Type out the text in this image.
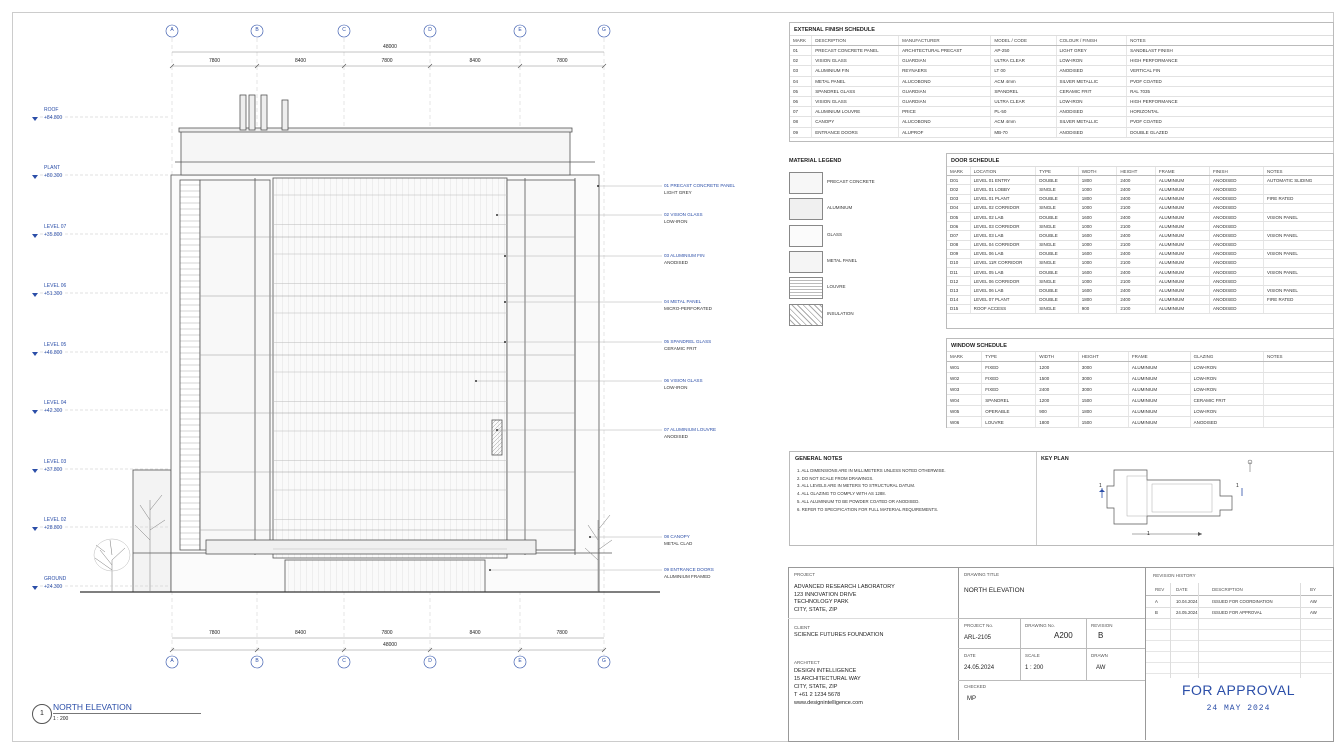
ROOF
+84.800
PLANT
+80.300
LEVEL 07
+35.800
LEVEL 06
+51.300
LEVEL 05
+46.800
LEVEL 04
+42.300
LEVEL 03
+37.800
LEVEL 02
+28.800
GROUND
+24.300
01 PRECAST CONCRETE PANEL
LIGHT GREY
02 VISION GLASS
LOW-IRON
03 ALUMINIUM FIN
ANODISED
04 METAL PANEL
MICRO-PERFORATED
05 SPANDREL GLASS
CERAMIC FRIT
06 VISION GLASS
LOW-IRON
07 ALUMINIUM LOUVRE
ANODISED
08 CANOPY
METAL CLAD
09 ENTRANCE DOORS
ALUMINIUM FRAMED
A
A
B
B
C
C
D
D
E
E
G
G
48000
7800	8400	7800	8400	7800
48000
7800	8400	7800	8400	7800
1
NORTH ELEVATION
1 : 200
EXTERNAL FINISH SCHEDULE
MARK	DESCRIPTION	MANUFACTURER	MODEL / CODE	COLOUR / FINISH	NOTES
01	PRECAST CONCRETE PANEL	ARCHITECTURAL PRECAST	AP-250	LIGHT GREY	SANDBLAST FINISH
02	VISION GLASS	GUARDIAN	ULTRA CLEAR	LOW-IRON	HIGH PERFORMANCE
03	ALUMINIUM FIN	REYNAERS	LT 00	ANODISED	VERTICAL FIN
04	METAL PANEL	ALUCOBOND	ACM 4mm	SILVER METALLIC	PVDF COATED
05	SPANDREL GLASS	GUARDIAN	SPANDREL	CERAMIC FRIT	RAL 7035
06	VISION GLASS	GUARDIAN	ULTRA CLEAR	LOW-IRON	HIGH PERFORMANCE
07	ALUMINIUM LOUVRE	PRICE	PL-50	ANODISED	HORIZONTAL
08	CANOPY	ALUCOBOND	ACM 4mm	SILVER METALLIC	PVDF COATED
09	ENTRANCE DOORS	ALUPROF	MB-70	ANODISED	DOUBLE GLAZED
MATERIAL LEGEND
PRECAST CONCRETE
ALUMINIUM
GLASS
METAL PANEL
LOUVRE
INSULATION
DOOR SCHEDULE
MARK	LOCATION	TYPE	WIDTH	HEIGHT	FRAME	FINISH	NOTES
D01	LEVEL 01 ENTRY	DOUBLE	1800	2400	ALUMINIUM	ANODISED	AUTOMATIC SLIDING
D02	LEVEL 01 LOBBY	SINGLE	1000	2400	ALUMINIUM	ANODISED	
D03	LEVEL 01 PLANT	DOUBLE	1800	2400	ALUMINIUM	ANODISED	FIRE RATED
D04	LEVEL 02 CORRIDOR	SINGLE	1000	2100	ALUMINIUM	ANODISED	
D05	LEVEL 02 LAB	DOUBLE	1600	2400	ALUMINIUM	ANODISED	VISION PANEL
D06	LEVEL 03 CORRIDOR	SINGLE	1000	2100	ALUMINIUM	ANODISED	
D07	LEVEL 03 LAB	DOUBLE	1600	2400	ALUMINIUM	ANODISED	VISION PANEL
D08	LEVEL 04 CORRIDOR	SINGLE	1000	2100	ALUMINIUM	ANODISED	
D09	LEVEL 06 LAB	DOUBLE	1600	2400	ALUMINIUM	ANODISED	VISION PANEL
D10	LEVEL 11R CORRIDOR	SINGLE	1000	2100	ALUMINIUM	ANODISED	
D11	LEVEL 05 LAB	DOUBLE	1600	2400	ALUMINIUM	ANODISED	VISION PANEL
D12	LEVEL 06 CORRIDOR	SINGLE	1000	2100	ALUMINIUM	ANODISED	
D13	LEVEL 06 LAB	DOUBLE	1600	2400	ALUMINIUM	ANODISED	VISION PANEL
D14	LEVEL 07 PLANT	DOUBLE	1800	2400	ALUMINIUM	ANODISED	FIRE RATED
D15	ROOF ACCESS	SINGLE	900	2100	ALUMINIUM	ANODISED	
WINDOW SCHEDULE
MARK	TYPE	WIDTH	HEIGHT	FRAME	GLAZING	NOTES
W01	FIXED	1200	3000	ALUMINIUM	LOW-IRON	
W02	FIXED	1500	3000	ALUMINIUM	LOW-IRON	
W03	FIXED	2400	3000	ALUMINIUM	LOW-IRON	
W04	SPANDREL	1200	1500	ALUMINIUM	CERAMIC FRIT	
W05	OPERABLE	900	1800	ALUMINIUM	LOW-IRON	
W06	LOUVRE	1800	1500	ALUMINIUM	ANODISED	
GENERAL NOTES
1. ALL DIMENSIONS ARE IN MILLIMETERS UNLESS NOTED OTHERWISE.
2. DO NOT SCALE FROM DRAWINGS.
3. ALL LEVELS ARE IN METERS TO STRUCTURAL DATUM.
4. ALL GLAZING TO COMPLY WITH AS 1288.
5. ALL ALUMINIUM TO BE POWDER COATED OR ANODISED.
6. REFER TO SPECIFICATION FOR FULL MATERIAL REQUIREMENTS.
KEY PLAN
1	1
1
PROJECT
ADVANCED RESEARCH LABORATORY
123 INNOVATION DRIVE
TECHNOLOGY PARK
CITY, STATE, ZIP
CLIENT
SCIENCE FUTURES FOUNDATION
ARCHITECT
DESIGN INTELLIGENCE
15 ARCHITECTURAL WAY
CITY, STATE, ZIP
T +61 2 1234 5678
www.designintelligence.com
DRAWING TITLE
NORTH ELEVATION
PROJECT No.
ARL-2105
DRAWING No.
A200
REVISION
B
DATE
24.05.2024
SCALE
1 : 200
DRAWN
AW
CHECKED
MP
REVISION HISTORY
REV	DATE	DESCRIPTION	BY
A	10.04.2024	ISSUED FOR COORDINATION	AW
B	24.05.2024	ISSUED FOR APPROVAL	AW
FOR APPROVAL
24 MAY 2024
